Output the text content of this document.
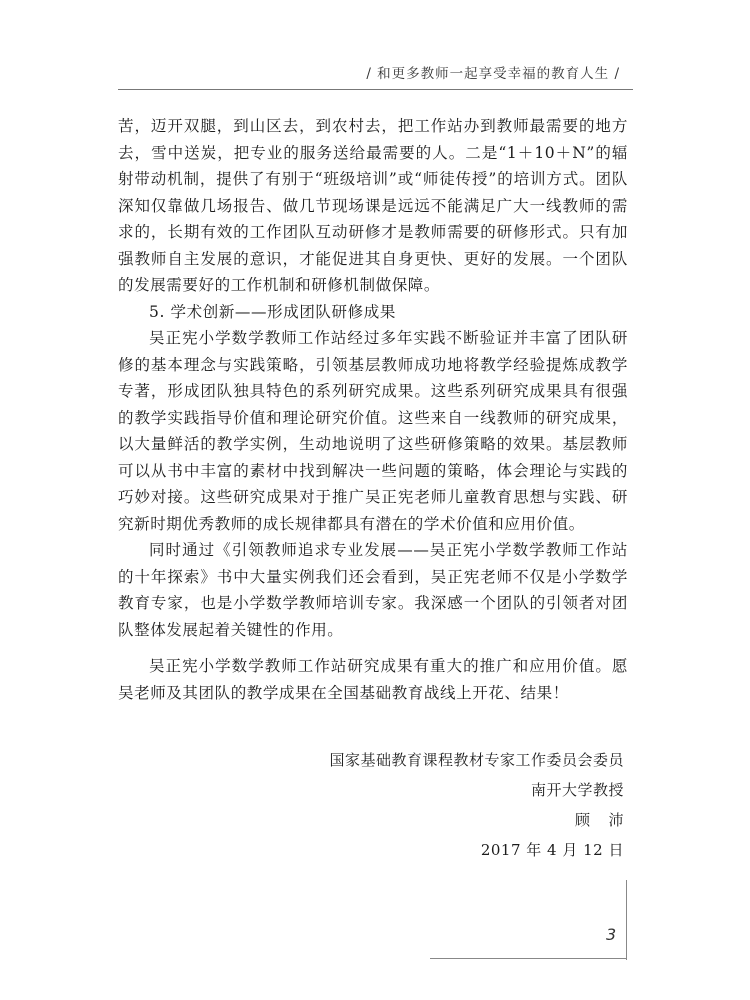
/ 和更多教师一起享受幸福的教育人生 /

苦，迈开双腿，到山区去，到农村去，把工作站办到教师最需要的地方去，雪中送炭，把专业的服务送给最需要的人。二是“1＋10＋N”的辐射带动机制，提供了有别于“班级培训”或“师徒传授”的培训方式。团队深知仅靠做几场报告、做几节现场课是远远不能满足广大一线教师的需求的，长期有效的工作团队互动研修才是教师需要的研修形式。只有加强教师自主发展的意识，才能促进其自身更快、更好的发展。一个团队的发展需要好的工作机制和研修机制做保障。

5. 学术创新——形成团队研修成果

吴正宪小学数学教师工作站经过多年实践不断验证并丰富了团队研修的基本理念与实践策略，引领基层教师成功地将教学经验提炼成教学专著，形成团队独具特色的系列研究成果。这些系列研究成果具有很强的教学实践指导价值和理论研究价值。这些来自一线教师的研究成果，以大量鲜活的教学实例，生动地说明了这些研修策略的效果。基层教师可以从书中丰富的素材中找到解决一些问题的策略，体会理论与实践的巧妙对接。这些研究成果对于推广吴正宪老师儿童教育思想与实践、研究新时期优秀教师的成长规律都具有潜在的学术价值和应用价值。

同时通过《引领教师追求专业发展——吴正宪小学数学教师工作站的十年探索》书中大量实例我们还会看到，吴正宪老师不仅是小学数学教育专家，也是小学数学教师培训专家。我深感一个团队的引领者对团队整体发展起着关键性的作用。

吴正宪小学数学教师工作站研究成果有重大的推广和应用价值。愿吴老师及其团队的教学成果在全国基础教育战线上开花、结果！

国家基础教育课程教材专家工作委员会委员
南开大学教授
顾 沛
2017 年 4 月 12 日
3
